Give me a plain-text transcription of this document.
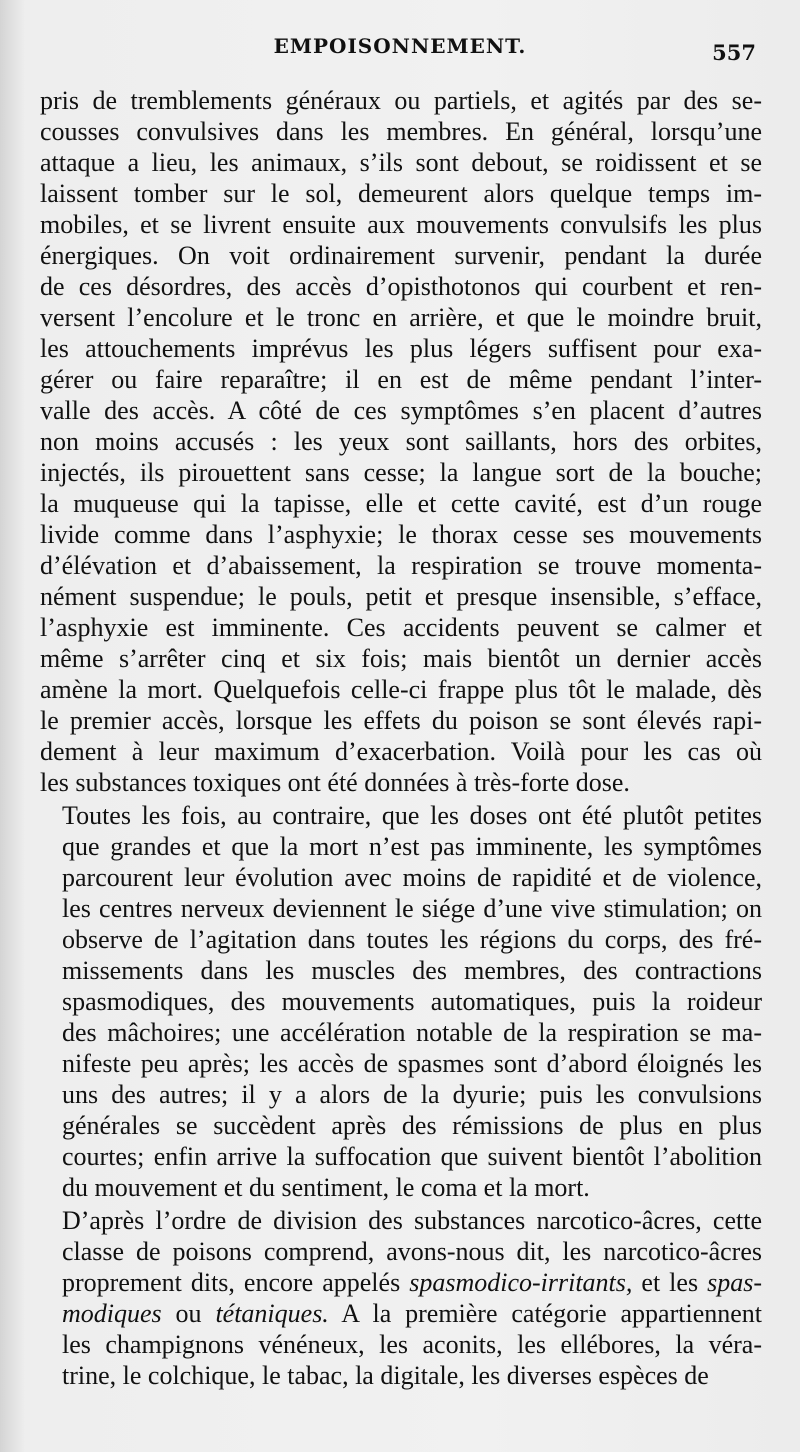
EMPOISONNEMENT.	557

pris de tremblements généraux ou partiels, et agités par des se-
cousses convulsives dans les membres. En général, lorsqu’une
attaque a lieu, les animaux, s’ils sont debout, se roidissent et se
laissent tomber sur le sol, demeurent alors quelque temps im-
mobiles, et se livrent ensuite aux mouvements convulsifs les plus
énergiques. On voit ordinairement survenir, pendant la durée
de ces désordres, des accès d’opisthotonos qui courbent et ren-
versent l’encolure et le tronc en arrière, et que le moindre bruit,
les attouchements imprévus les plus légers suffisent pour exa-
gérer ou faire reparaître; il en est de même pendant l’inter-
valle des accès. A côté de ces symptômes s’en placent d’autres
non moins accusés : les yeux sont saillants, hors des orbites,
injectés, ils pirouettent sans cesse; la langue sort de la bouche;
la muqueuse qui la tapisse, elle et cette cavité, est d’un rouge
livide comme dans l’asphyxie; le thorax cesse ses mouvements
d’élévation et d’abaissement, la respiration se trouve momenta-
nément suspendue; le pouls, petit et presque insensible, s’efface,
l’asphyxie est imminente. Ces accidents peuvent se calmer et
même s’arrêter cinq et six fois; mais bientôt un dernier accès
amène la mort. Quelquefois celle-ci frappe plus tôt le malade, dès
le premier accès, lorsque les effets du poison se sont élevés rapi-
dement à leur maximum d’exacerbation. Voilà pour les cas où
les substances toxiques ont été données à très-forte dose.

Toutes les fois, au contraire, que les doses ont été plutôt petites
que grandes et que la mort n’est pas imminente, les symptômes
parcourent leur évolution avec moins de rapidité et de violence,
les centres nerveux deviennent le siége d’une vive stimulation; on
observe de l’agitation dans toutes les régions du corps, des fré-
missements dans les muscles des membres, des contractions
spasmodiques, des mouvements automatiques, puis la roideur
des mâchoires; une accélération notable de la respiration se ma-
nifeste peu après; les accès de spasmes sont d’abord éloignés les
uns des autres; il y a alors de la dyurie; puis les convulsions
générales se succèdent après des rémissions de plus en plus
courtes; enfin arrive la suffocation que suivent bientôt l’abolition
du mouvement et du sentiment, le coma et la mort.

D’après l’ordre de division des substances narcotico-âcres, cette
classe de poisons comprend, avons-nous dit, les narcotico-âcres
proprement dits, encore appelés spasmodico-irritants, et les spas-
modiques ou tétaniques. A la première catégorie appartiennent
les champignons vénéneux, les aconits, les ellébores, la véra-
trine, le colchique, le tabac, la digitale, les diverses espèces de
